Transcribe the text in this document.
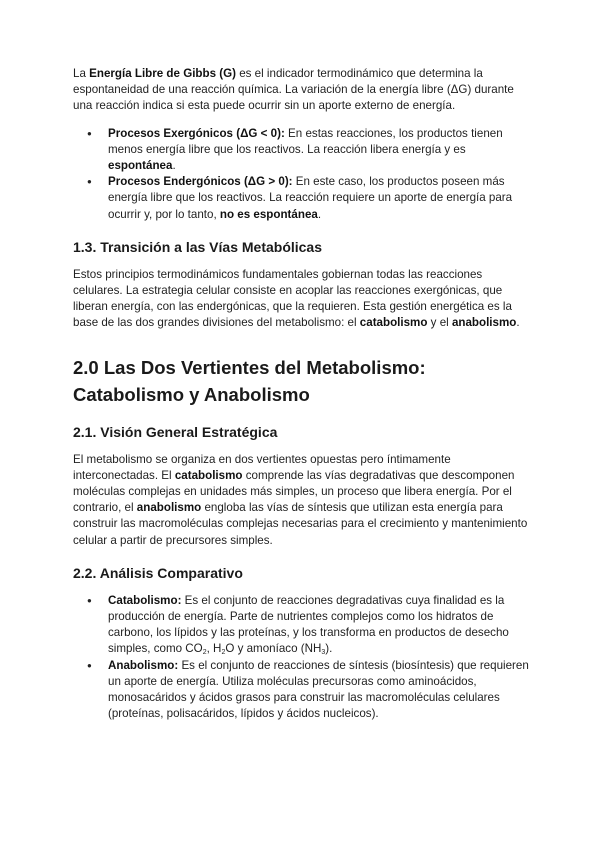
La Energía Libre de Gibbs (G) es el indicador termodinámico que determina la espontaneidad de una reacción química. La variación de la energía libre (ΔG) durante una reacción indica si esta puede ocurrir sin un aporte externo de energía.

● Procesos Exergónicos (ΔG < 0): En estas reacciones, los productos tienen menos energía libre que los reactivos. La reacción libera energía y es espontánea.
● Procesos Endergónicos (ΔG > 0): En este caso, los productos poseen más energía libre que los reactivos. La reacción requiere un aporte de energía para ocurrir y, por lo tanto, no es espontánea.
1.3. Transición a las Vías Metabólicas

Estos principios termodinámicos fundamentales gobiernan todas las reacciones celulares. La estrategia celular consiste en acoplar las reacciones exergónicas, que liberan energía, con las endergónicas, que la requieren. Esta gestión energética es la base de las dos grandes divisiones del metabolismo: el catabolismo y el anabolismo.

2.0 Las Dos Vertientes del Metabolismo:
Catabolismo y Anabolismo
2.1. Visión General Estratégica

El metabolismo se organiza en dos vertientes opuestas pero íntimamente interconectadas. El catabolismo comprende las vías degradativas que descomponen moléculas complejas en unidades más simples, un proceso que libera energía. Por el contrario, el anabolismo engloba las vías de síntesis que utilizan esta energía para construir las macromoléculas complejas necesarias para el crecimiento y mantenimiento celular a partir de precursores simples.

2.2. Análisis Comparativo
● Catabolismo: Es el conjunto de reacciones degradativas cuya finalidad es la producción de energía. Parte de nutrientes complejos como los hidratos de carbono, los lípidos y las proteínas, y los transforma en productos de desecho simples, como $CO_2$, $H_2O$ y amoníaco $(NH_3)$.
● Anabolismo: Es el conjunto de reacciones de síntesis (biosíntesis) que requieren un aporte de energía. Utiliza moléculas precursoras como aminoácidos, monosacáridos y ácidos grasos para construir las macromoléculas celulares (proteínas, polisacáridos, lípidos y ácidos nucleicos).
